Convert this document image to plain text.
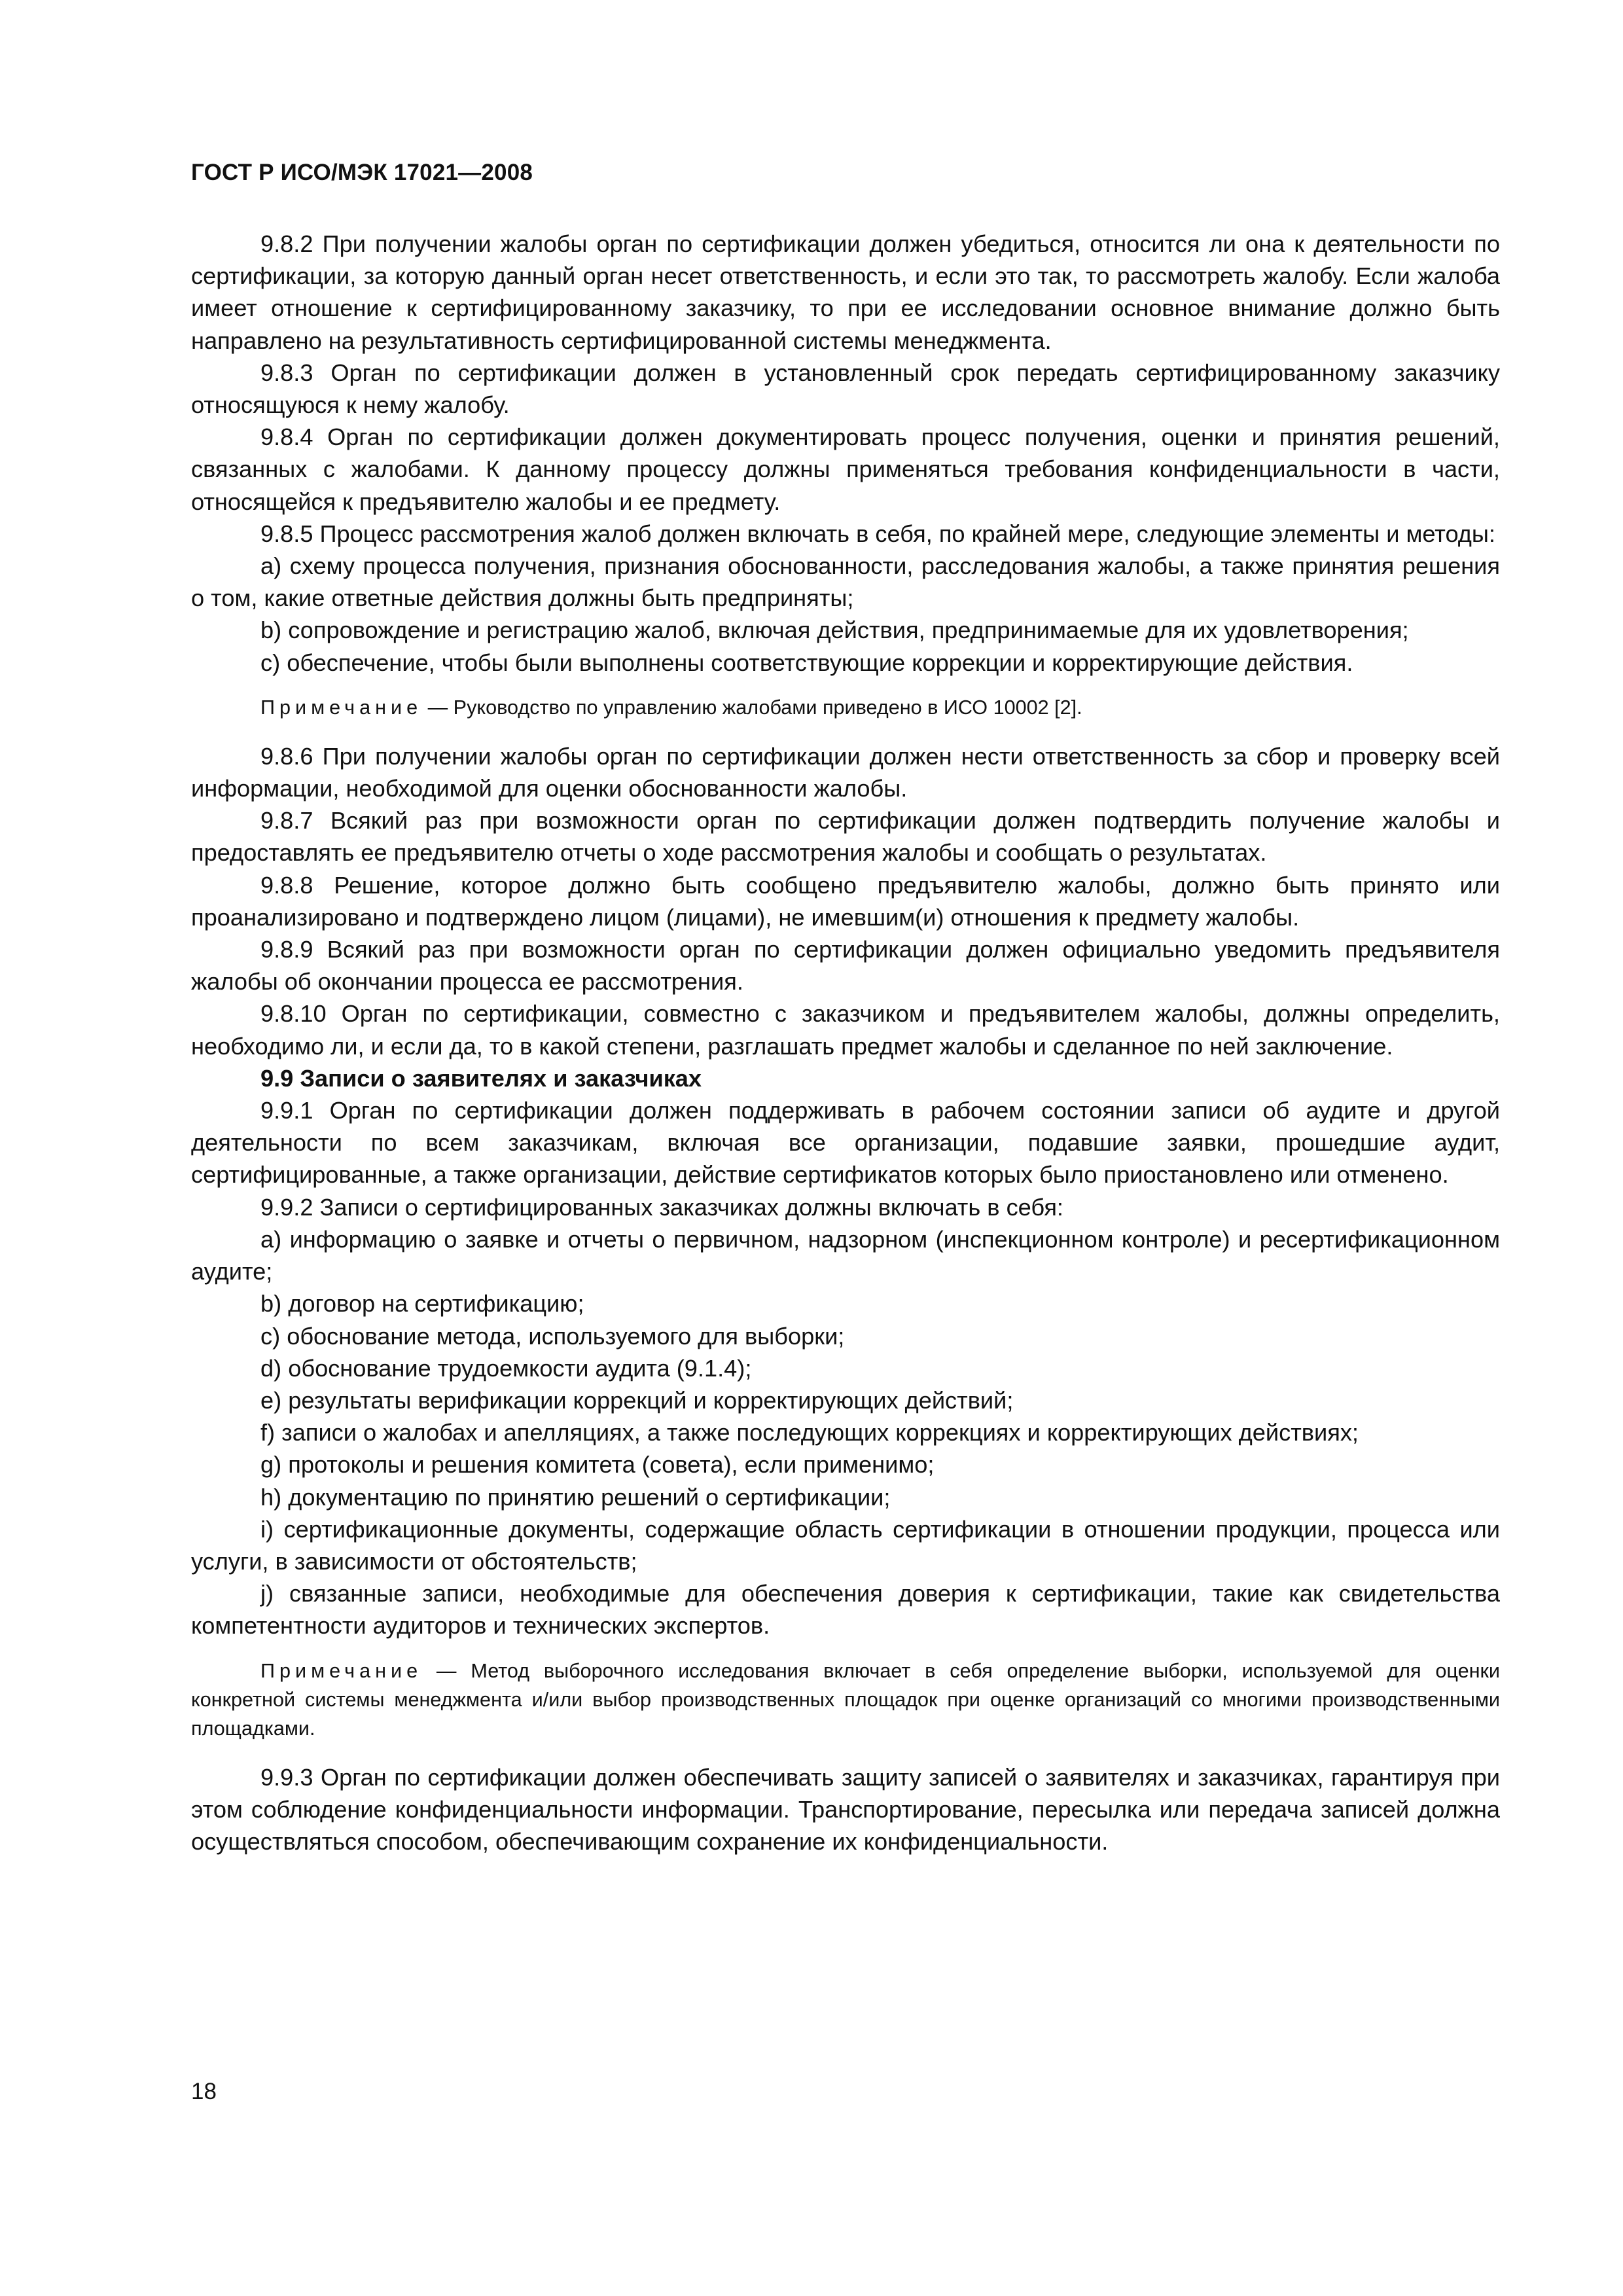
ГОСТ Р ИСО/МЭК 17021—2008

9.8.2 При получении жалобы орган по сертификации должен убедиться, относится ли она к деятельности по сертификации, за которую данный орган несет ответственность, и если это так, то рассмотреть жалобу. Если жалоба имеет отношение к сертифицированному заказчику, то при ее исследовании основное внимание должно быть направлено на результативность сертифицированной системы менеджмента.

9.8.3 Орган по сертификации должен в установленный срок передать сертифицированному заказчику относящуюся к нему жалобу.

9.8.4 Орган по сертификации должен документировать процесс получения, оценки и принятия решений, связанных с жалобами. К данному процессу должны применяться требования конфиденциальности в части, относящейся к предъявителю жалобы и ее предмету.

9.8.5 Процесс рассмотрения жалоб должен включать в себя, по крайней мере, следующие элементы и методы:

а) схему процесса получения, признания обоснованности, расследования жалобы, а также принятия решения о том, какие ответные действия должны быть предприняты;

b) сопровождение и регистрацию жалоб, включая действия, предпринимаемые для их удовлетворения;

с) обеспечение, чтобы были выполнены соответствующие коррекции и корректирующие действия.

Примечание — Руководство по управлению жалобами приведено в ИСО 10002 [2].

9.8.6 При получении жалобы орган по сертификации должен нести ответственность за сбор и проверку всей информации, необходимой для оценки обоснованности жалобы.

9.8.7 Всякий раз при возможности орган по сертификации должен подтвердить получение жалобы и предоставлять ее предъявителю отчеты о ходе рассмотрения жалобы и сообщать о результатах.

9.8.8 Решение, которое должно быть сообщено предъявителю жалобы, должно быть принято или проанализировано и подтверждено лицом (лицами), не имевшим(и) отношения к предмету жалобы.

9.8.9 Всякий раз при возможности орган по сертификации должен официально уведомить предъявителя жалобы об окончании процесса ее рассмотрения.

9.8.10 Орган по сертификации, совместно с заказчиком и предъявителем жалобы, должны определить, необходимо ли, и если да, то в какой степени, разглашать предмет жалобы и сделанное по ней заключение.

9.9 Записи о заявителях и заказчиках

9.9.1 Орган по сертификации должен поддерживать в рабочем состоянии записи об аудите и другой деятельности по всем заказчикам, включая все организации, подавшие заявки, прошедшие аудит, сертифицированные, а также организации, действие сертификатов которых было приостановлено или отменено.

9.9.2 Записи о сертифицированных заказчиках должны включать в себя:

а) информацию о заявке и отчеты о первичном, надзорном (инспекционном контроле) и ресертификационном аудите;

b) договор на сертификацию;

с) обоснование метода, используемого для выборки;

d) обоснование трудоемкости аудита (9.1.4);

е) результаты верификации коррекций и корректирующих действий;

f) записи о жалобах и апелляциях, а также последующих коррекциях и корректирующих действиях;

g) протоколы и решения комитета (совета), если применимо;

h) документацию по принятию решений о сертификации;

i) сертификационные документы, содержащие область сертификации в отношении продукции, процесса или услуги, в зависимости от обстоятельств;

j) связанные записи, необходимые для обеспечения доверия к сертификации, такие как свидетельства компетентности аудиторов и технических экспертов.

Примечание — Метод выборочного исследования включает в себя определение выборки, используемой для оценки конкретной системы менеджмента и/или выбор производственных площадок при оценке организаций со многими производственными площадками.

9.9.3 Орган по сертификации должен обеспечивать защиту записей о заявителях и заказчиках, гарантируя при этом соблюдение конфиденциальности информации. Транспортирование, пересылка или передача записей должна осуществляться способом, обеспечивающим сохранение их конфиденциальности.

18
